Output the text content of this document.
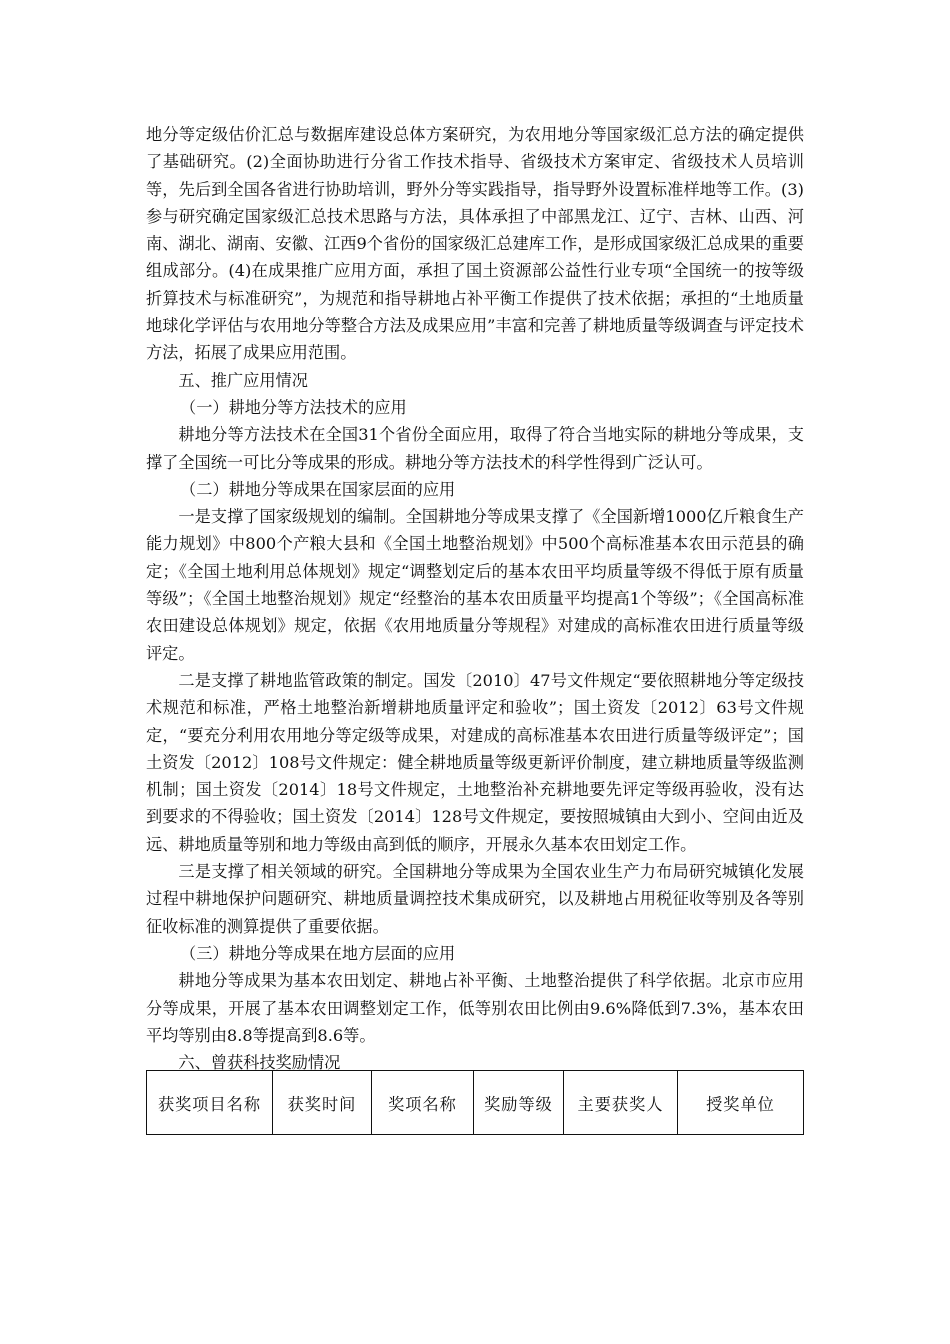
地分等定级估价汇总与数据库建设总体方案研究，为农用地分等国家级汇总方法的确定提供了基础研究。(2)全面协助进行分省工作技术指导、省级技术方案审定、省级技术人员培训等，先后到全国各省进行协助培训，野外分等实践指导，指导野外设置标准样地等工作。(3)参与研究确定国家级汇总技术思路与方法，具体承担了中部黑龙江、辽宁、吉林、山西、河南、湖北、湖南、安徽、江西9个省份的国家级汇总建库工作，是形成国家级汇总成果的重要组成部分。(4)在成果推广应用方面，承担了国土资源部公益性行业专项“全国统一的按等级折算技术与标准研究”，为规范和指导耕地占补平衡工作提供了技术依据；承担的“土地质量地球化学评估与农用地分等整合方法及成果应用”丰富和完善了耕地质量等级调查与评定技术方法，拓展了成果应用范围。

五、推广应用情况

（一）耕地分等方法技术的应用

耕地分等方法技术在全国31个省份全面应用，取得了符合当地实际的耕地分等成果，支撑了全国统一可比分等成果的形成。耕地分等方法技术的科学性得到广泛认可。

（二）耕地分等成果在国家层面的应用

一是支撑了国家级规划的编制。全国耕地分等成果支撑了《全国新增1000亿斤粮食生产能力规划》中800个产粮大县和《全国土地整治规划》中500个高标准基本农田示范县的确定；《全国土地利用总体规划》规定“调整划定后的基本农田平均质量等级不得低于原有质量等级”；《全国土地整治规划》规定“经整治的基本农田质量平均提高1个等级”；《全国高标准农田建设总体规划》规定，依据《农用地质量分等规程》对建成的高标准农田进行质量等级评定。

二是支撑了耕地监管政策的制定。国发〔2010〕47号文件规定“要依照耕地分等定级技术规范和标准，严格土地整治新增耕地质量评定和验收”；国土资发〔2012〕63号文件规定，“要充分利用农用地分等定级等成果，对建成的高标准基本农田进行质量等级评定”；国土资发〔2012〕108号文件规定：健全耕地质量等级更新评价制度，建立耕地质量等级监测机制；国土资发〔2014〕18号文件规定，土地整治补充耕地要先评定等级再验收，没有达到要求的不得验收；国土资发〔2014〕128号文件规定，要按照城镇由大到小、空间由近及远、耕地质量等别和地力等级由高到低的顺序，开展永久基本农田划定工作。

三是支撑了相关领域的研究。全国耕地分等成果为全国农业生产力布局研究城镇化发展过程中耕地保护问题研究、耕地质量调控技术集成研究，以及耕地占用税征收等别及各等别征收标准的测算提供了重要依据。

（三）耕地分等成果在地方层面的应用

耕地分等成果为基本农田划定、耕地占补平衡、土地整治提供了科学依据。北京市应用分等成果，开展了基本农田调整划定工作，低等别农田比例由9.6%降低到7.3%，基本农田平均等别由8.8等提高到8.6等。

六、曾获科技奖励情况

获奖项目名称	获奖时间	奖项名称	奖励等级	主要获奖人	授奖单位
